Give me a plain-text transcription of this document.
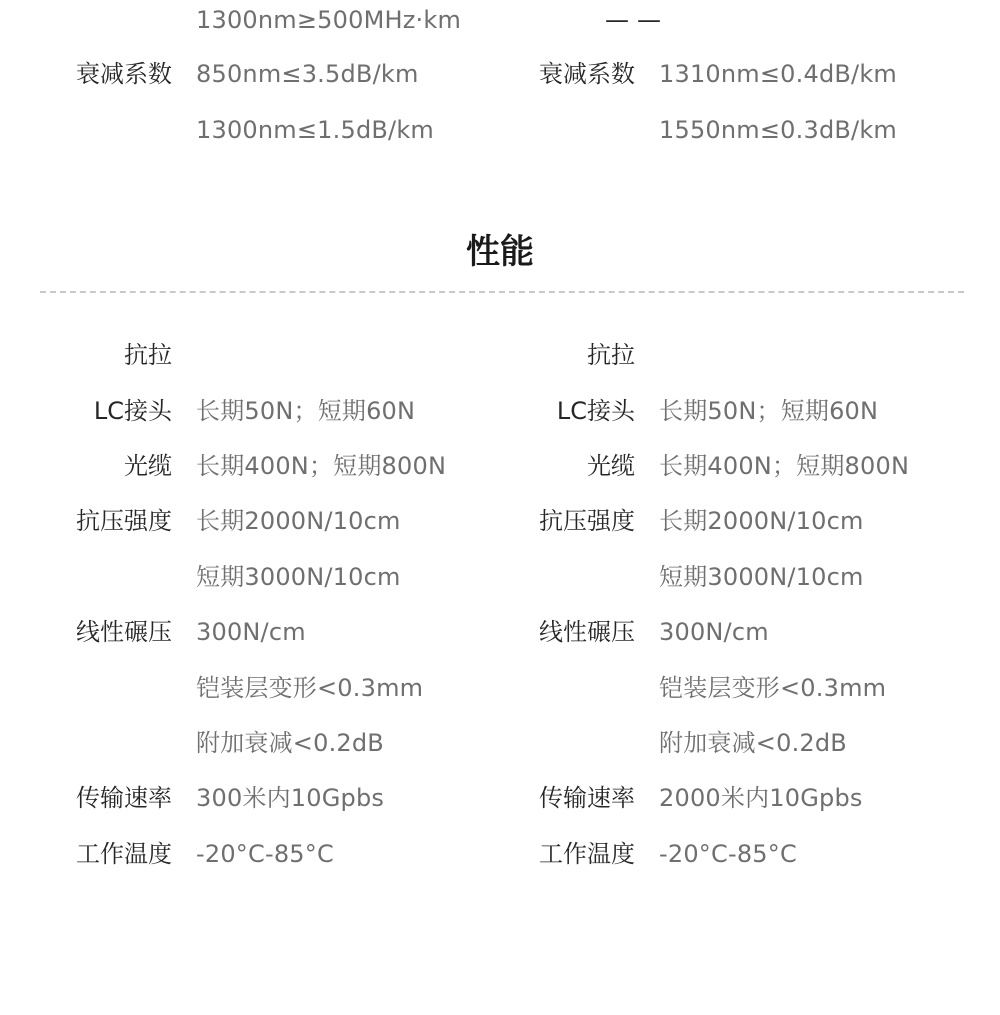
1300nm≥500MHz·km
衰减系数 850nm≤3.5dB/km
1300nm≤1.5dB/km
抗拉
LC接头 长期50N；短期60N
光缆 长期400N；短期800N
抗压强度 长期2000N/10cm
短期3000N/10cm
线性碾压 300N/cm
铠装层变形<0.3mm
附加衰减<0.2dB
传输速率 300米内10Gpbs
工作温度 -20°C-85°C
— —
衰减系数 1310nm≤0.4dB/km
1550nm≤0.3dB/km
抗拉
LC接头 长期50N；短期60N
光缆 长期400N；短期800N
抗压强度 长期2000N/10cm
短期3000N/10cm
线性碾压 300N/cm
铠装层变形<0.3mm
附加衰减<0.2dB
传输速率 2000米内10Gpbs
工作温度 -20°C-85°C
性能
